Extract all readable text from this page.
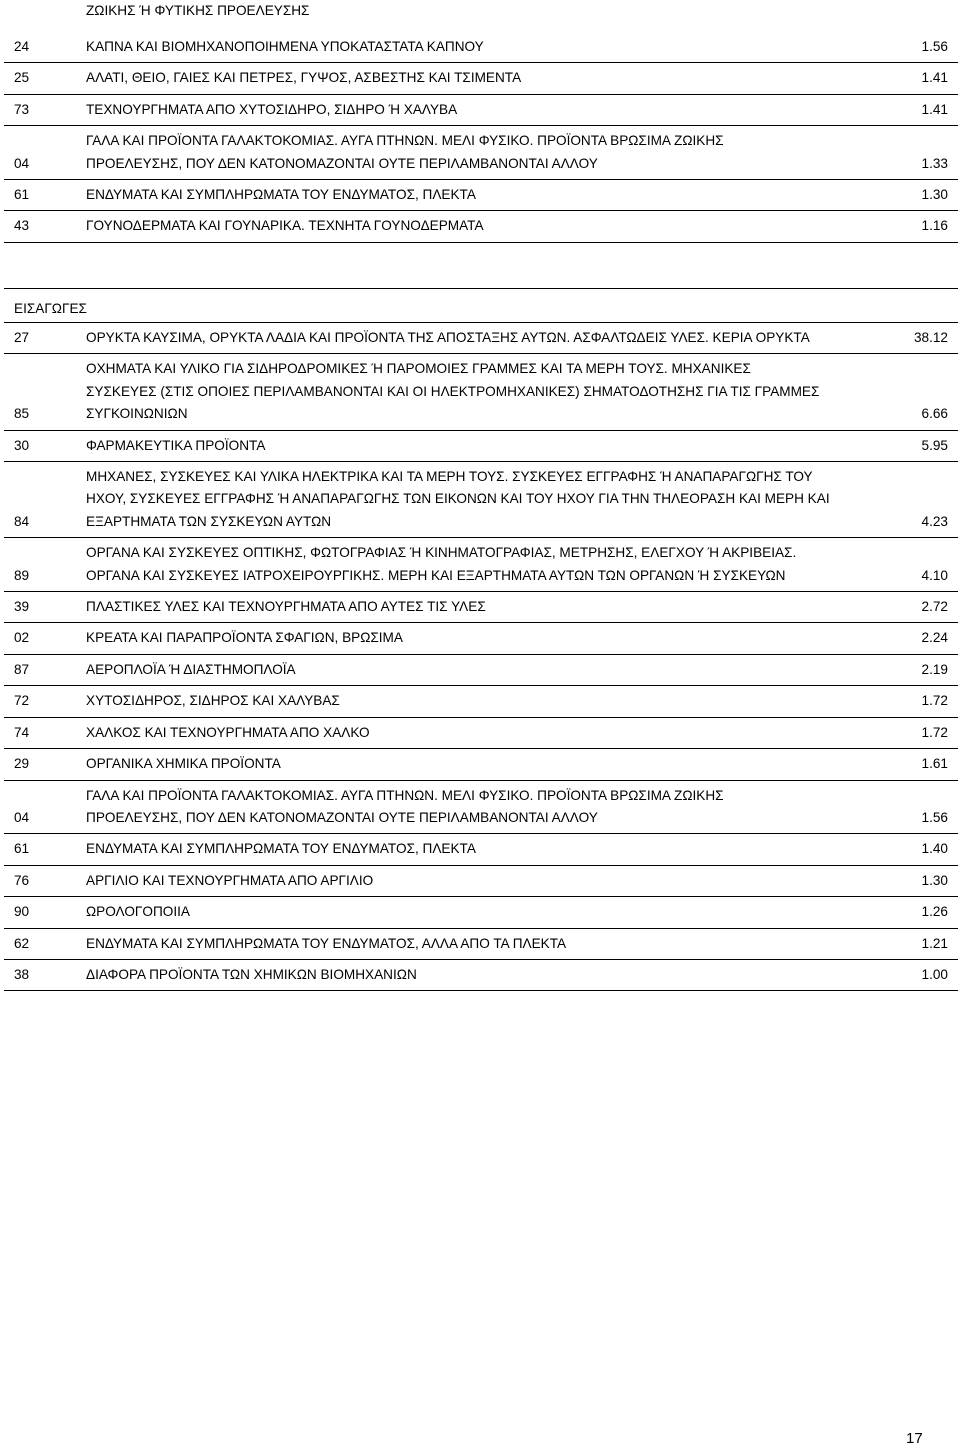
ΖΩΙΚΗΣ Ή ΦΥΤΙΚΗΣ ΠΡΟΕΛΕΥΣΗΣ
24	ΚΑΠΝΑ ΚΑΙ ΒΙΟΜΗΧΑΝΟΠΟΙΗΜΕΝΑ ΥΠΟΚΑΤΑΣΤΑΤΑ ΚΑΠΝΟΥ	1.56
25	ΑΛΑΤΙ, ΘΕΙΟ, ΓΑΙΕΣ ΚΑΙ ΠΕΤΡΕΣ, ΓΥΨΟΣ, ΑΣΒΕΣΤΗΣ ΚΑΙ ΤΣΙΜΕΝΤΑ	1.41
73	ΤΕΧΝΟΥΡΓΗΜΑΤΑ ΑΠΟ ΧΥΤΟΣΙΔΗΡΟ, ΣΙΔΗΡΟ Ή ΧΑΛΥΒΑ	1.41
04	ΓΑΛΑ ΚΑΙ ΠΡΟΪΟΝΤΑ ΓΑΛΑΚΤΟΚΟΜΙΑΣ. ΑΥΓΑ ΠΤΗΝΩΝ. ΜΕΛΙ ΦΥΣΙΚΟ. ΠΡΟΪΟΝΤΑ ΒΡΩΣΙΜΑ ΖΩΙΚΗΣ
ΠΡΟΕΛΕΥΣΗΣ, ΠΟΥ ΔΕΝ ΚΑΤΟΝΟΜΑΖΟΝΤΑΙ ΟΥΤΕ ΠΕΡΙΛΑΜΒΑΝΟΝΤΑΙ ΑΛΛΟΥ	1.33
61	ΕΝΔΥΜΑΤΑ ΚΑΙ ΣΥΜΠΛΗΡΩΜΑΤΑ ΤΟΥ ΕΝΔΥΜΑΤΟΣ, ΠΛΕΚΤΑ	1.30
43	ΓΟΥΝΟΔΕΡΜΑΤΑ ΚΑΙ ΓΟΥΝΑΡΙΚΑ. ΤΕΧΝΗΤΑ ΓΟΥΝΟΔΕΡΜΑΤΑ	1.16
ΕΙΣΑΓΩΓΕΣ
27	ΟΡΥΚΤΑ ΚΑΥΣΙΜΑ, ΟΡΥΚΤΑ ΛΑΔΙΑ ΚΑΙ ΠΡΟΪΟΝΤΑ ΤΗΣ ΑΠΟΣΤΑΞΗΣ ΑΥΤΩΝ. ΑΣΦΑΛΤΩΔΕΙΣ ΥΛΕΣ. ΚΕΡΙΑ ΟΡΥΚΤΑ	38.12
85	ΟΧΗΜΑΤΑ ΚΑΙ ΥΛΙΚΟ ΓΙΑ ΣΙΔΗΡΟΔΡΟΜΙΚΕΣ Ή ΠΑΡΟΜΟΙΕΣ ΓΡΑΜΜΕΣ ΚΑΙ ΤΑ ΜΕΡΗ ΤΟΥΣ. ΜΗΧΑΝΙΚΕΣ
ΣΥΣΚΕΥΕΣ (ΣΤΙΣ ΟΠΟΙΕΣ ΠΕΡΙΛΑΜΒΑΝΟΝΤΑΙ ΚΑΙ ΟΙ ΗΛΕΚΤΡΟΜΗΧΑΝΙΚΕΣ) ΣΗΜΑΤΟΔΟΤΗΣΗΣ ΓΙΑ ΤΙΣ ΓΡΑΜΜΕΣ
ΣΥΓΚΟΙΝΩΝΙΩΝ	6.66
30	ΦΑΡΜΑΚΕΥΤΙΚΑ ΠΡΟΪΟΝΤΑ	5.95
84	ΜΗΧΑΝΕΣ, ΣΥΣΚΕΥΕΣ ΚΑΙ ΥΛΙΚΑ ΗΛΕΚΤΡΙΚΑ ΚΑΙ ΤΑ ΜΕΡΗ ΤΟΥΣ. ΣΥΣΚΕΥΕΣ ΕΓΓΡΑΦΗΣ Ή ΑΝΑΠΑΡΑΓΩΓΗΣ ΤΟΥ
ΗΧΟΥ, ΣΥΣΚΕΥΕΣ ΕΓΓΡΑΦΗΣ Ή ΑΝΑΠΑΡΑΓΩΓΗΣ ΤΩΝ ΕΙΚΟΝΩΝ ΚΑΙ ΤΟΥ ΗΧΟΥ ΓΙΑ ΤΗΝ ΤΗΛΕΟΡΑΣΗ ΚΑΙ ΜΕΡΗ ΚΑΙ
ΕΞΑΡΤΗΜΑΤΑ ΤΩΝ ΣΥΣΚΕΥΩΝ ΑΥΤΩΝ	4.23
89	ΟΡΓΑΝΑ ΚΑΙ ΣΥΣΚΕΥΕΣ ΟΠΤΙΚΗΣ, ΦΩΤΟΓΡΑΦΙΑΣ Ή ΚΙΝΗΜΑΤΟΓΡΑΦΙΑΣ, ΜΕΤΡΗΣΗΣ, ΕΛΕΓΧΟΥ Ή ΑΚΡΙΒΕΙΑΣ.
ΟΡΓΑΝΑ ΚΑΙ ΣΥΣΚΕΥΕΣ ΙΑΤΡΟΧΕΙΡΟΥΡΓΙΚΗΣ. ΜΕΡΗ ΚΑΙ ΕΞΑΡΤΗΜΑΤΑ ΑΥΤΩΝ ΤΩΝ ΟΡΓΑΝΩΝ Ή ΣΥΣΚΕΥΩΝ	4.10
39	ΠΛΑΣΤΙΚΕΣ ΥΛΕΣ ΚΑΙ ΤΕΧΝΟΥΡΓΗΜΑΤΑ ΑΠΟ ΑΥΤΕΣ ΤΙΣ ΥΛΕΣ	2.72
02	ΚΡΕΑΤΑ ΚΑΙ ΠΑΡΑΠΡΟΪΟΝΤΑ ΣΦΑΓΙΩΝ, ΒΡΩΣΙΜΑ	2.24
87	ΑΕΡΟΠΛΟΪΑ Ή ΔΙΑΣΤΗΜΟΠΛΟΪΑ	2.19
72	ΧΥΤΟΣΙΔΗΡΟΣ, ΣΙΔΗΡΟΣ ΚΑΙ ΧΑΛΥΒΑΣ	1.72
74	ΧΑΛΚΟΣ ΚΑΙ ΤΕΧΝΟΥΡΓΗΜΑΤΑ ΑΠΟ ΧΑΛΚΟ	1.72
29	ΟΡΓΑΝΙΚΑ ΧΗΜΙΚΑ ΠΡΟΪΟΝΤΑ	1.61
04	ΓΑΛΑ ΚΑΙ ΠΡΟΪΟΝΤΑ ΓΑΛΑΚΤΟΚΟΜΙΑΣ. ΑΥΓΑ ΠΤΗΝΩΝ. ΜΕΛΙ ΦΥΣΙΚΟ. ΠΡΟΪΟΝΤΑ ΒΡΩΣΙΜΑ ΖΩΙΚΗΣ
ΠΡΟΕΛΕΥΣΗΣ, ΠΟΥ ΔΕΝ ΚΑΤΟΝΟΜΑΖΟΝΤΑΙ ΟΥΤΕ ΠΕΡΙΛΑΜΒΑΝΟΝΤΑΙ ΑΛΛΟΥ	1.56
61	ΕΝΔΥΜΑΤΑ ΚΑΙ ΣΥΜΠΛΗΡΩΜΑΤΑ ΤΟΥ ΕΝΔΥΜΑΤΟΣ, ΠΛΕΚΤΑ	1.40
76	ΑΡΓΙΛΙΟ ΚΑΙ ΤΕΧΝΟΥΡΓΗΜΑΤΑ ΑΠΟ ΑΡΓΙΛΙΟ	1.30
90	ΩΡΟΛΟΓΟΠΟΙΙΑ	1.26
62	ΕΝΔΥΜΑΤΑ ΚΑΙ ΣΥΜΠΛΗΡΩΜΑΤΑ ΤΟΥ ΕΝΔΥΜΑΤΟΣ, ΑΛΛΑ ΑΠΟ ΤΑ ΠΛΕΚΤΑ	1.21
38	ΔΙΑΦΟΡΑ ΠΡΟΪΟΝΤΑ ΤΩΝ ΧΗΜΙΚΩΝ ΒΙΟΜΗΧΑΝΙΩΝ	1.00
17
